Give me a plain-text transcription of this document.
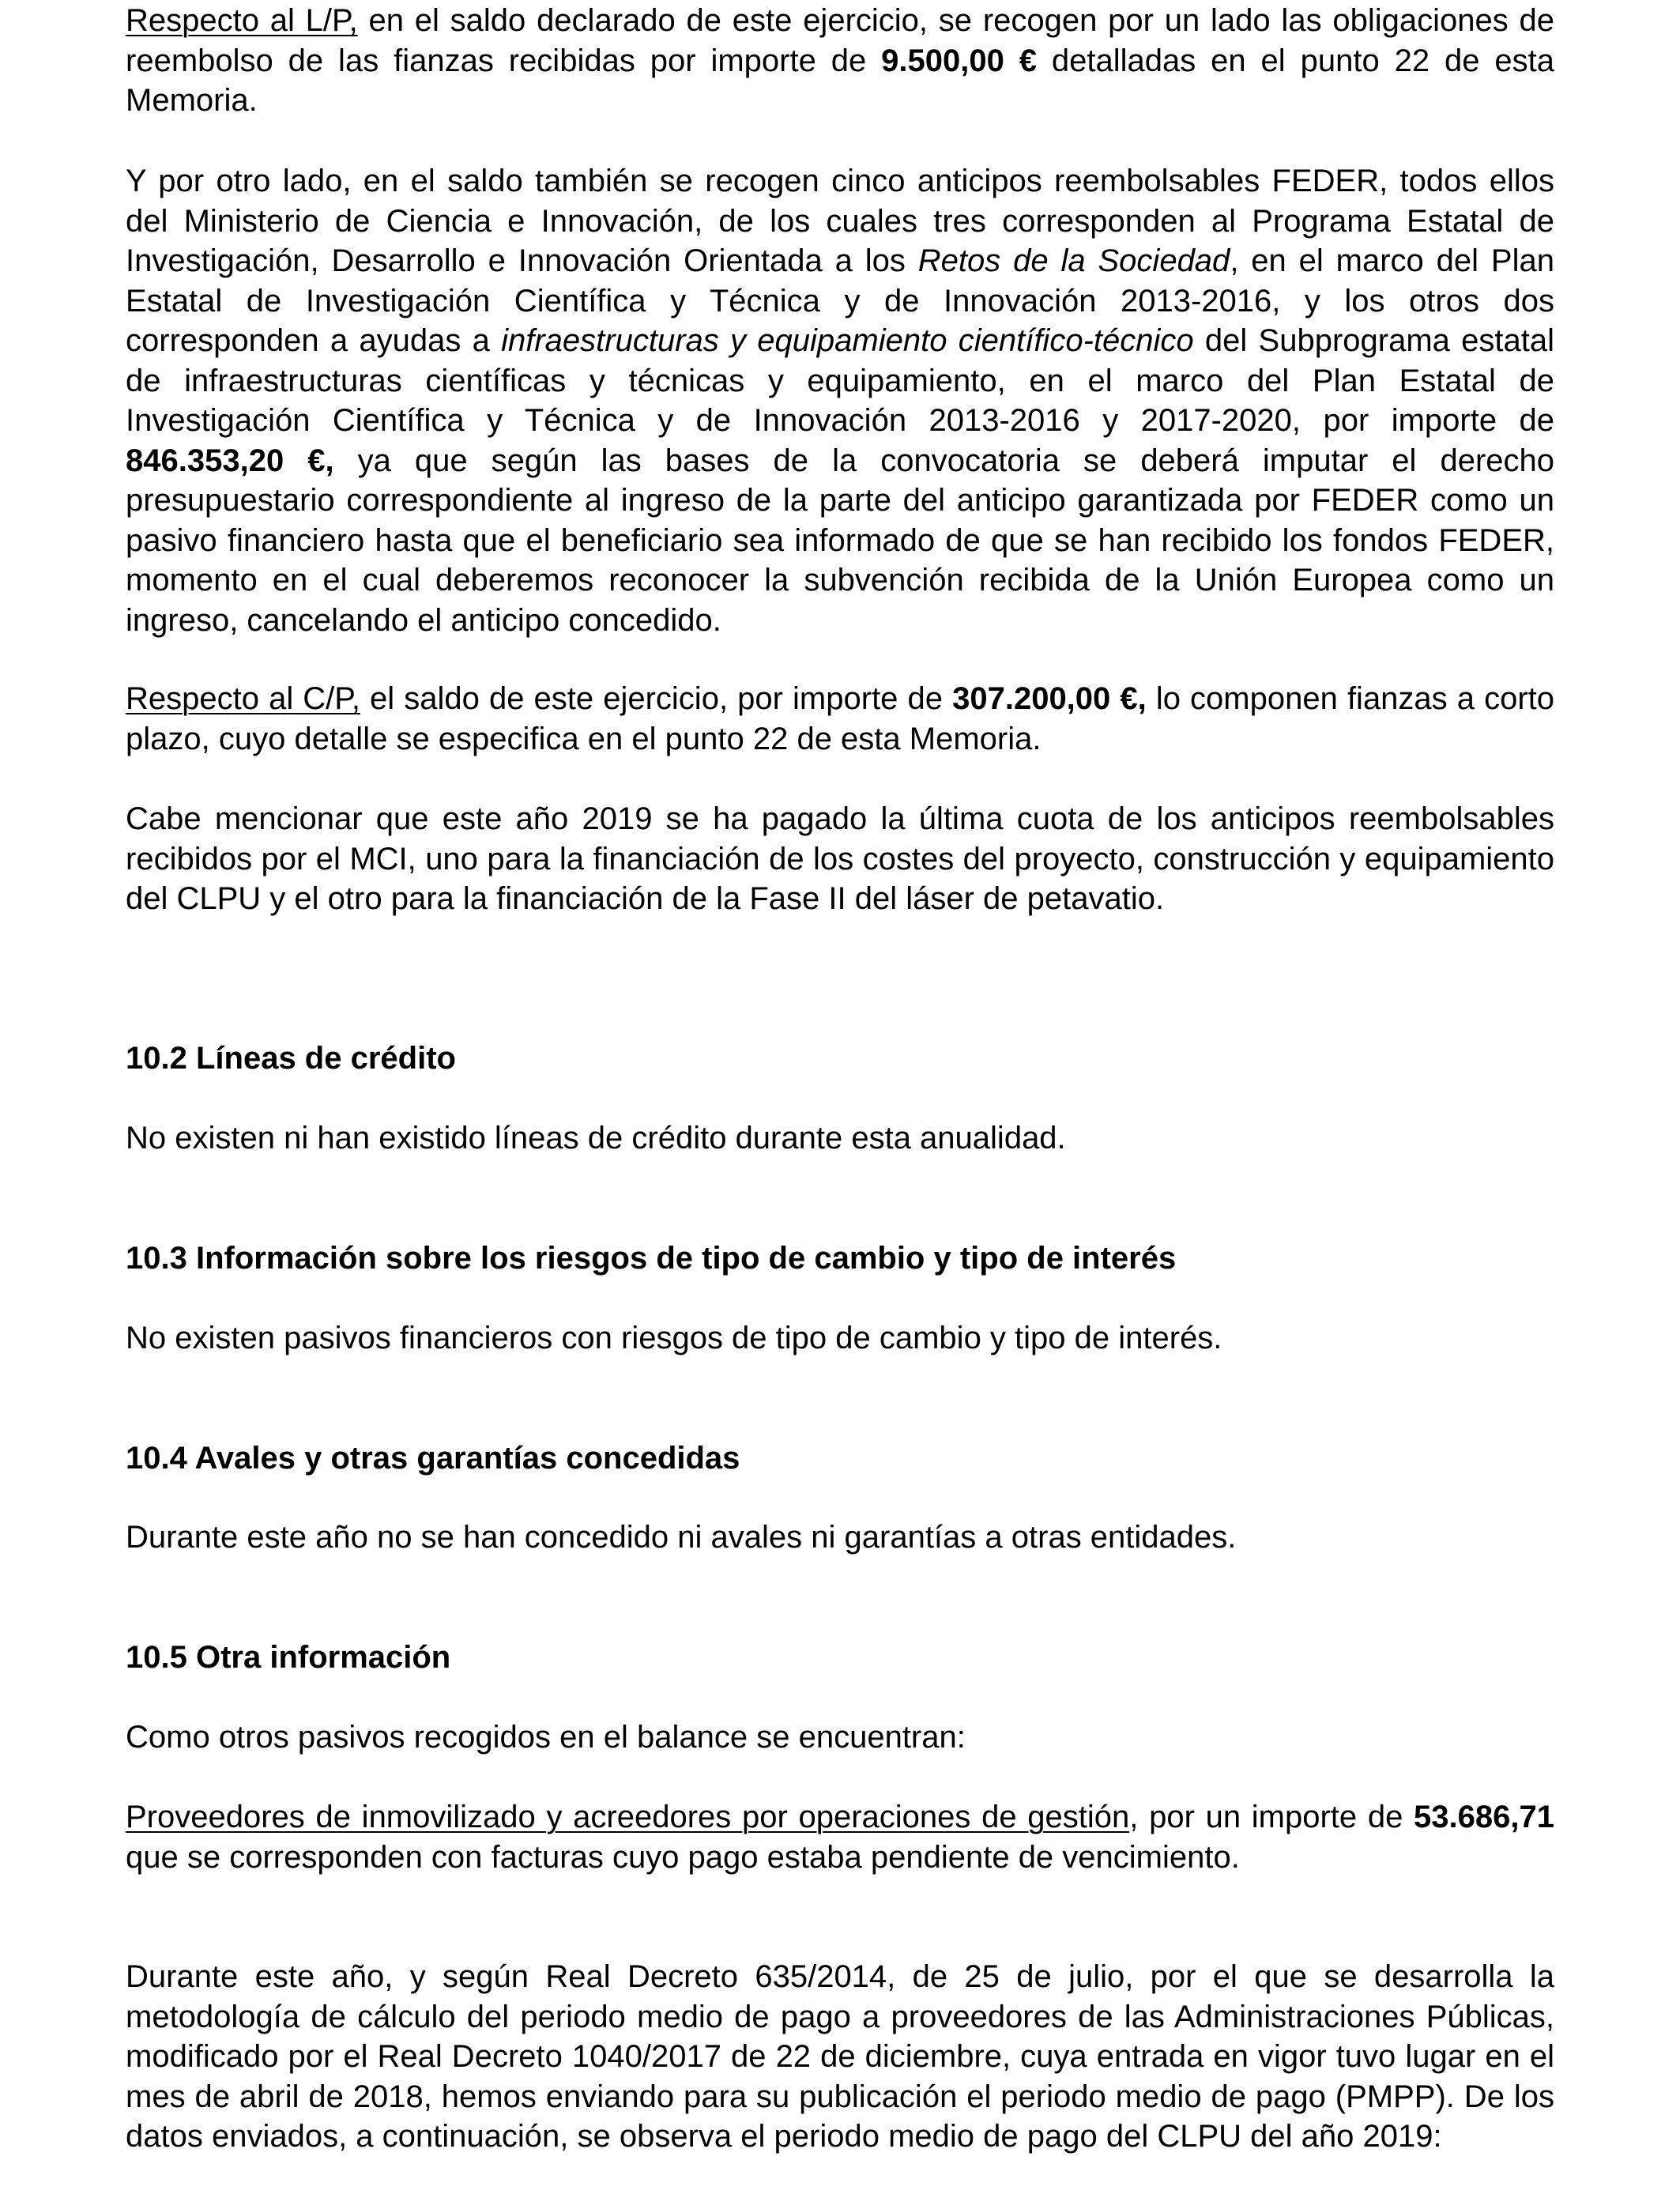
Respecto al L/P, en el saldo declarado de este ejercicio, se recogen por un lado las obligaciones de reembolso de las fianzas recibidas por importe de 9.500,00 € detalladas en el punto 22 de esta Memoria.

Y por otro lado, en el saldo también se recogen cinco anticipos reembolsables FEDER, todos ellos del Ministerio de Ciencia e Innovación, de los cuales tres corresponden al Programa Estatal de Investigación, Desarrollo e Innovación Orientada a los Retos de la Sociedad, en el marco del Plan Estatal de Investigación Científica y Técnica y de Innovación 2013-2016, y los otros dos corresponden a ayudas a infraestructuras y equipamiento científico-técnico del Subprograma estatal de infraestructuras científicas y técnicas y equipamiento, en el marco del Plan Estatal de Investigación Científica y Técnica y de Innovación 2013-2016 y 2017-2020, por importe de 846.353,20 €, ya que según las bases de la convocatoria se deberá imputar el derecho presupuestario correspondiente al ingreso de la parte del anticipo garantizada por FEDER como un pasivo financiero hasta que el beneficiario sea informado de que se han recibido los fondos FEDER, momento en el cual deberemos reconocer la subvención recibida de la Unión Europea como un ingreso, cancelando el anticipo concedido.

Respecto al C/P, el saldo de este ejercicio, por importe de 307.200,00 €, lo componen fianzas a corto plazo, cuyo detalle se especifica en el punto 22 de esta Memoria.

Cabe mencionar que este año 2019 se ha pagado la última cuota de los anticipos reembolsables recibidos por el MCI, uno para la financiación de los costes del proyecto, construcción y equipamiento del CLPU y el otro para la financiación de la Fase II del láser de petavatio.

10.2 Líneas de crédito

No existen ni han existido líneas de crédito durante esta anualidad.

10.3 Información sobre los riesgos de tipo de cambio y tipo de interés

No existen pasivos financieros con riesgos de tipo de cambio y tipo de interés.

10.4 Avales y otras garantías concedidas

Durante este año no se han concedido ni avales ni garantías a otras entidades.

10.5 Otra información

Como otros pasivos recogidos en el balance se encuentran:

Proveedores de inmovilizado y acreedores por operaciones de gestión, por un importe de 53.686,71 que se corresponden con facturas cuyo pago estaba pendiente de vencimiento.

Durante este año, y según Real Decreto 635/2014, de 25 de julio, por el que se desarrolla la metodología de cálculo del periodo medio de pago a proveedores de las Administraciones Públicas, modificado por el Real Decreto 1040/2017 de 22 de diciembre, cuya entrada en vigor tuvo lugar en el mes de abril de 2018, hemos enviando para su publicación el periodo medio de pago (PMPP). De los datos enviados, a continuación, se observa el periodo medio de pago del CLPU del año 2019:
